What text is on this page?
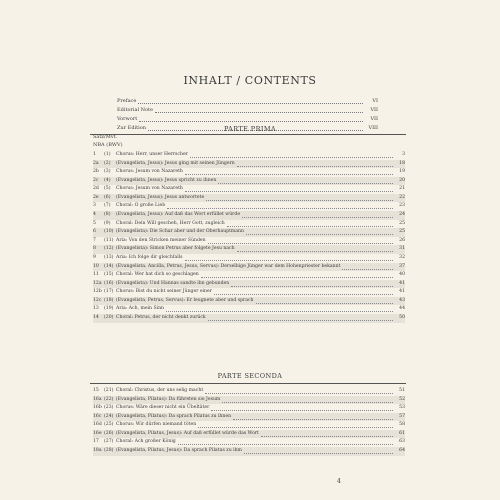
INHALT / CONTENTS
Preface	VI
Editorial Note	VII
Vorwort	VII
Zur Edition	VIII
PARTE PRIMA
Satz/Mvt.
NBA (BWV)
1	(1)	Chorus: Herr, unser Herrscher	3
2a	(2)	(Evangelista, Jesus): Jesus ging mit seinen Jüngern	18
2b	(3)	Chorus: Jesum von Nazareth	19
2c	(4)	(Evangelista, Jesus): Jesus spricht zu ihnen	20
2d	(5)	Chorus: Jesum von Nazareth	21
2e	(6)	(Evangelista, Jesus): Jesus antwortete	22
3	(7)	Choral: O große Lieb	23
4	(8)	(Evangelista, Jesus): Auf daß das Wort erfüllet würde	24
5	(9)	Choral: Dein Will gescheh, Herr Gott, zugleich	25
6	(10) (Evangelista): Die Schar aber und der Oberhauptmann	25
7	(11) Aria: Von den Stricken meiner Sünden	26
8	(12) (Evangelista): Simon Petrus aber folgete Jesu nach	31
9	(13) Aria: Ich folge dir gleichfalls	32
10	(14) (Evangelista, Ancilla, Petrus, Jesus, Servus): Derselbige Jünger war dem Hohenpriester bekannt	37
11	(15) Choral: Wer hat dich so geschlagen	40
12a (16) (Evangelista): Und Hannas sandte ihn gebunden	41
12b (17) Chorus: Bist du nicht seiner Jünger einer	41
12c (18) (Evangelista, Petrus, Servus): Er leugnete aber und sprach	43
13	(19) Aria: Ach, mein Sinn	44
14	(20) Choral: Petrus, der nicht denkt zurück	50
PARTE SECONDA
15	(21) Choral: Christus, der uns selig macht	51
16a (22) (Evangelista, Pilatus): Da führeten sie Jesum	52
16b (23) Chorus: Wäre dieser nicht ein Übeltäter	53
16c (24) (Evangelista, Pilatus): Da sprach Pilatus zu ihnen	57
16d (25) Chorus: Wir dürfen niemand töten	58
16e (26) (Evangelista, Pilatus, Jesus): Auf daß erfüllet würde das Wort	61
17	(27) Choral: Ach großer König	63
18a (28) (Evangelista, Pilatus, Jesus): Da sprach Pilatus zu ihm	64
4
